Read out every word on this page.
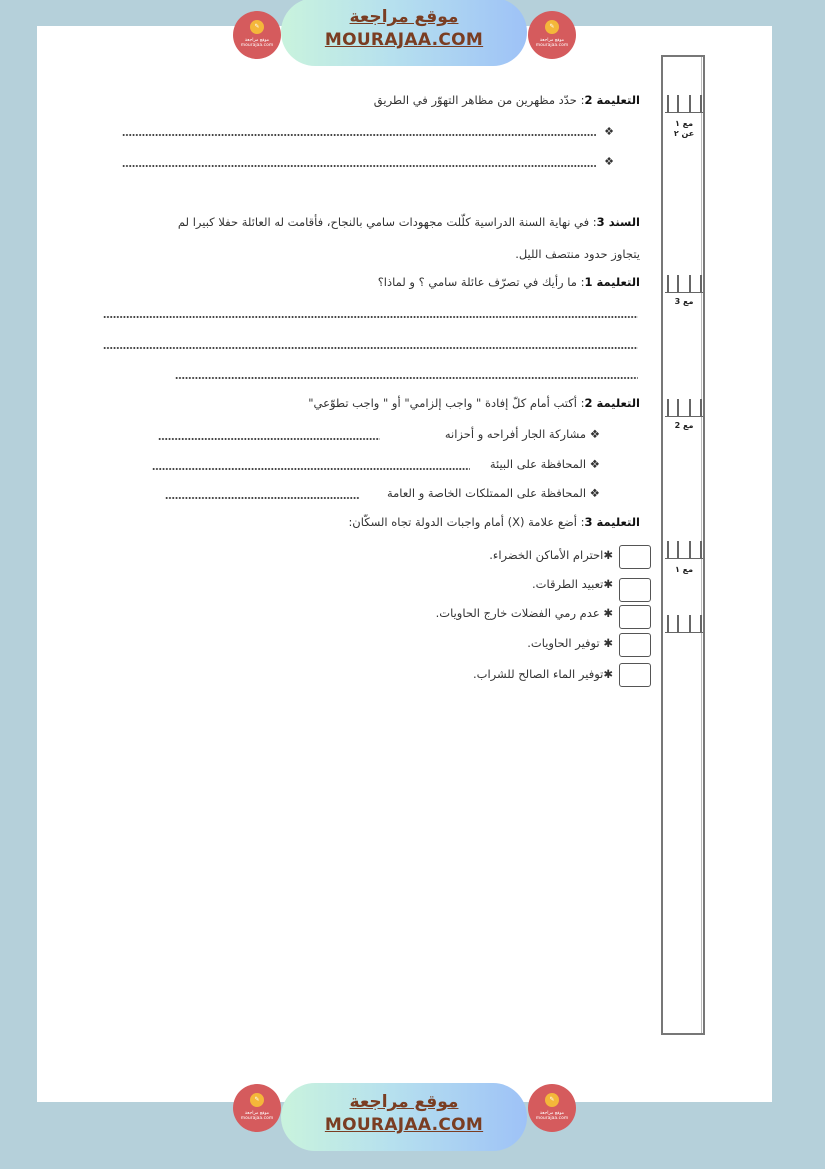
✎
موقع مراجعة
mourajaa.com
موقع مراجعة
MOURAJAA.COM
✎
موقع مراجعة
mourajaa.com
مع ١
عن ٢
مع 3
مع 2
مع ١
التعليمة 2: حدّد مظهرين من مظاهر التهوّر في الطريق
❖
❖
السند 3: في نهاية السنة الدراسية كلّلت مجهودات سامي بالنجاح، فأقامت له العائلة حفلا كبيرا لم
يتجاوز حدود منتصف الليل.
التعليمة 1: ما رأيك في تصرّف عائلة سامي ؟ و لماذا؟
التعليمة 2: أكتب أمام كلّ إفادة " واجب إلزامي" أو " واجب تطوّعي"
❖ مشاركة الجار أفراحه و أحزانه
❖ المحافظة على البيئة
❖ المحافظة على الممتلكات الخاصة و العامة
التعليمة 3: أضع علامة (X) أمام واجبات الدولة تجاه السكّان:
✱احترام الأماكن الخضراء.
✱تعبيد الطرقات.
✱ عدم رمي الفضلات خارج الحاويات.
✱ توفير الحاويات.
✱توفير الماء الصالح للشراب.
✎
موقع مراجعة
mourajaa.com
موقع مراجعة
MOURAJAA.COM
✎
موقع مراجعة
mourajaa.com
